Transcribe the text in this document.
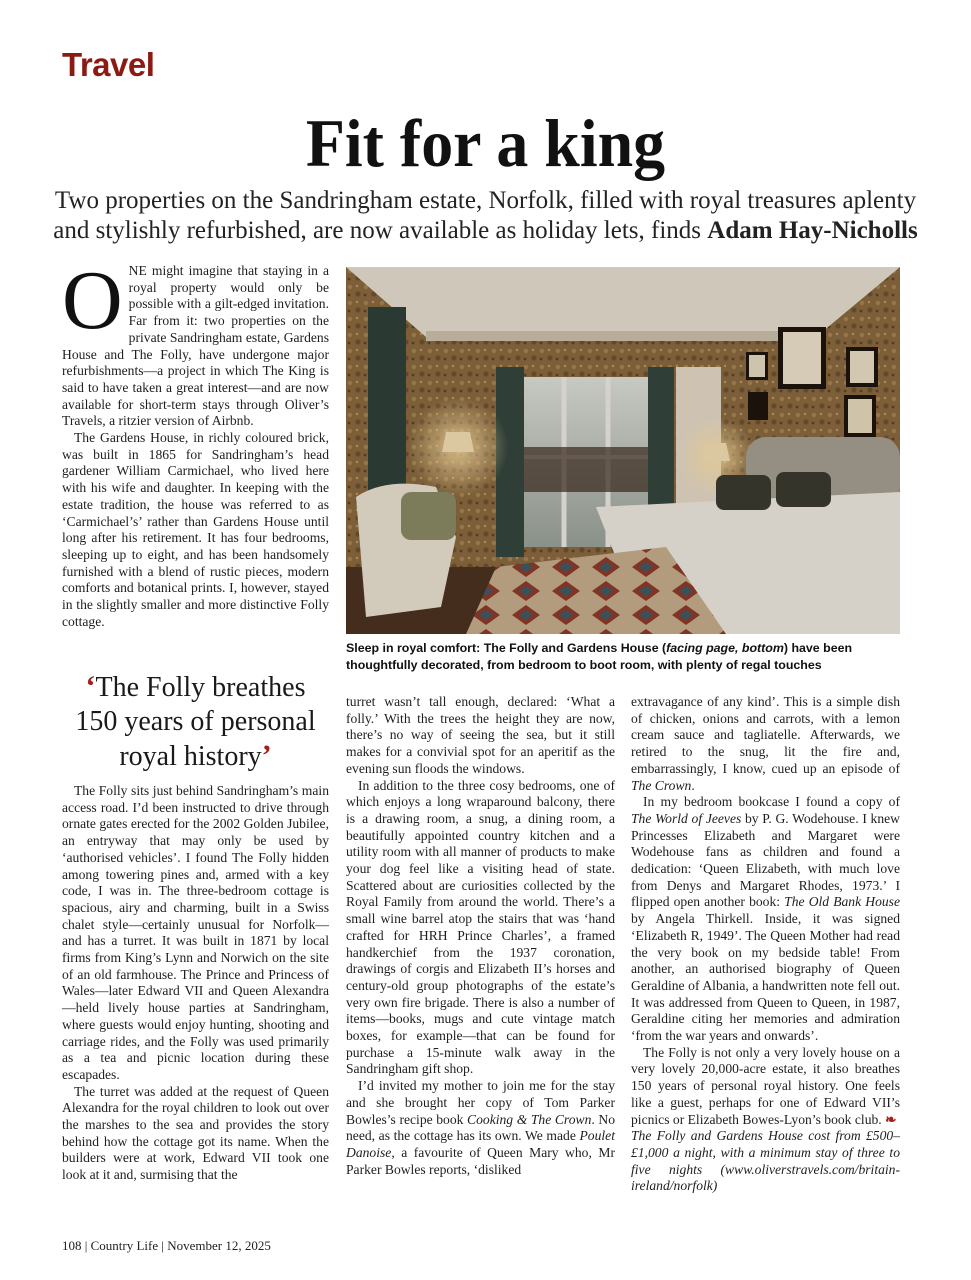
Travel
Fit for a king
Two properties on the Sandringham estate, Norfolk, filled with royal treasures aplenty and stylishly refurbished, are now available as holiday lets, finds Adam Hay-Nicholls

ONE might imagine that staying in a royal property would only be possible with a gilt-edged invitation. Far from it: two properties on the private Sandringham estate, Gardens House and The Folly, have undergone major refurbishments—a project in which The King is said to have taken a great interest—and are now available for short-term stays through Oliver’s Travels, a ritzier version of Airbnb.

The Gardens House, in richly coloured brick, was built in 1865 for Sandringham’s head gardener William Carmichael, who lived here with his wife and daughter. In keeping with the estate tradition, the house was referred to as ‘Carmichael’s’ rather than Gardens House until long after his retirement. It has four bedrooms, sleeping up to eight, and has been handsomely furnished with a blend of rustic pieces, modern comforts and botanical prints. I, however, stayed in the slightly smaller and more distinctive Folly cottage.

Sleep in royal comfort: The Folly and Gardens House (facing page, bottom) have been thoughtfully decorated, from bedroom to boot room, with plenty of regal touches
‘The Folly breathes 150 years of personal royal history’

The Folly sits just behind Sandringham’s main access road. I’d been instructed to drive through ornate gates erected for the 2002 Golden Jubilee, an entryway that may only be used by ‘authorised vehicles’. I found The Folly hidden among towering pines and, armed with a key code, I was in. The three-bedroom cottage is spacious, airy and charming, built in a Swiss chalet style—certainly unusual for Norfolk—and has a turret. It was built in 1871 by local firms from King’s Lynn and Norwich on the site of an old farmhouse. The Prince and Princess of Wales—later Edward VII and Queen Alexandra—held lively house parties at Sandringham, where guests would enjoy hunting, shooting and carriage rides, and the Folly was used primarily as a tea and picnic location during these escapades.

The turret was added at the request of Queen Alexandra for the royal children to look out over the marshes to the sea and provides the story behind how the cottage got its name. When the builders were at work, Edward VII took one look at it and, surmising that the

turret wasn’t tall enough, declared: ‘What a folly.’ With the trees the height they are now, there’s no way of seeing the sea, but it still makes for a convivial spot for an aperitif as the evening sun floods the windows.

In addition to the three cosy bedrooms, one of which enjoys a long wraparound balcony, there is a drawing room, a snug, a dining room, a beautifully appointed country kitchen and a utility room with all manner of products to make your dog feel like a visiting head of state. Scattered about are curiosities collected by the Royal Family from around the world. There’s a small wine barrel atop the stairs that was ‘hand crafted for HRH Prince Charles’, a framed handkerchief from the 1937 coronation, drawings of corgis and Elizabeth II’s horses and century-old group photographs of the estate’s very own fire brigade. There is also a number of items—books, mugs and cute vintage match boxes, for example—that can be found for purchase a 15-minute walk away in the Sandringham gift shop.

I’d invited my mother to join me for the stay and she brought her copy of Tom Parker Bowles’s recipe book Cooking & The Crown. No need, as the cottage has its own. We made Poulet Danoise, a favourite of Queen Mary who, Mr Parker Bowles reports, ‘disliked

extravagance of any kind’. This is a simple dish of chicken, onions and carrots, with a lemon cream sauce and tagliatelle. Afterwards, we retired to the snug, lit the fire and, embarrassingly, I know, cued up an episode of The Crown.

In my bedroom bookcase I found a copy of The World of Jeeves by P. G. Wodehouse. I knew Princesses Elizabeth and Margaret were Wodehouse fans as children and found a dedication: ‘Queen Elizabeth, with much love from Denys and Margaret Rhodes, 1973.’ I flipped open another book: The Old Bank House by Angela Thirkell. Inside, it was signed ‘Elizabeth R, 1949’. The Queen Mother had read the very book on my bedside table! From another, an authorised biography of Queen Geraldine of Albania, a handwritten note fell out. It was addressed from Queen to Queen, in 1987, Geraldine citing her memories and admiration ‘from the war years and onwards’.

The Folly is not only a very lovely house on a very lovely 20,000-acre estate, it also breathes 150 years of personal royal history. One feels like a guest, perhaps for one of Edward VII’s picnics or Elizabeth Bowes-Lyon’s book club. ❧

The Folly and Gardens House cost from £500–£1,000 a night, with a minimum stay of three to five nights (www.oliverstravels.com/britain-ireland/norfolk)

108 | Country Life | November 12, 2025
